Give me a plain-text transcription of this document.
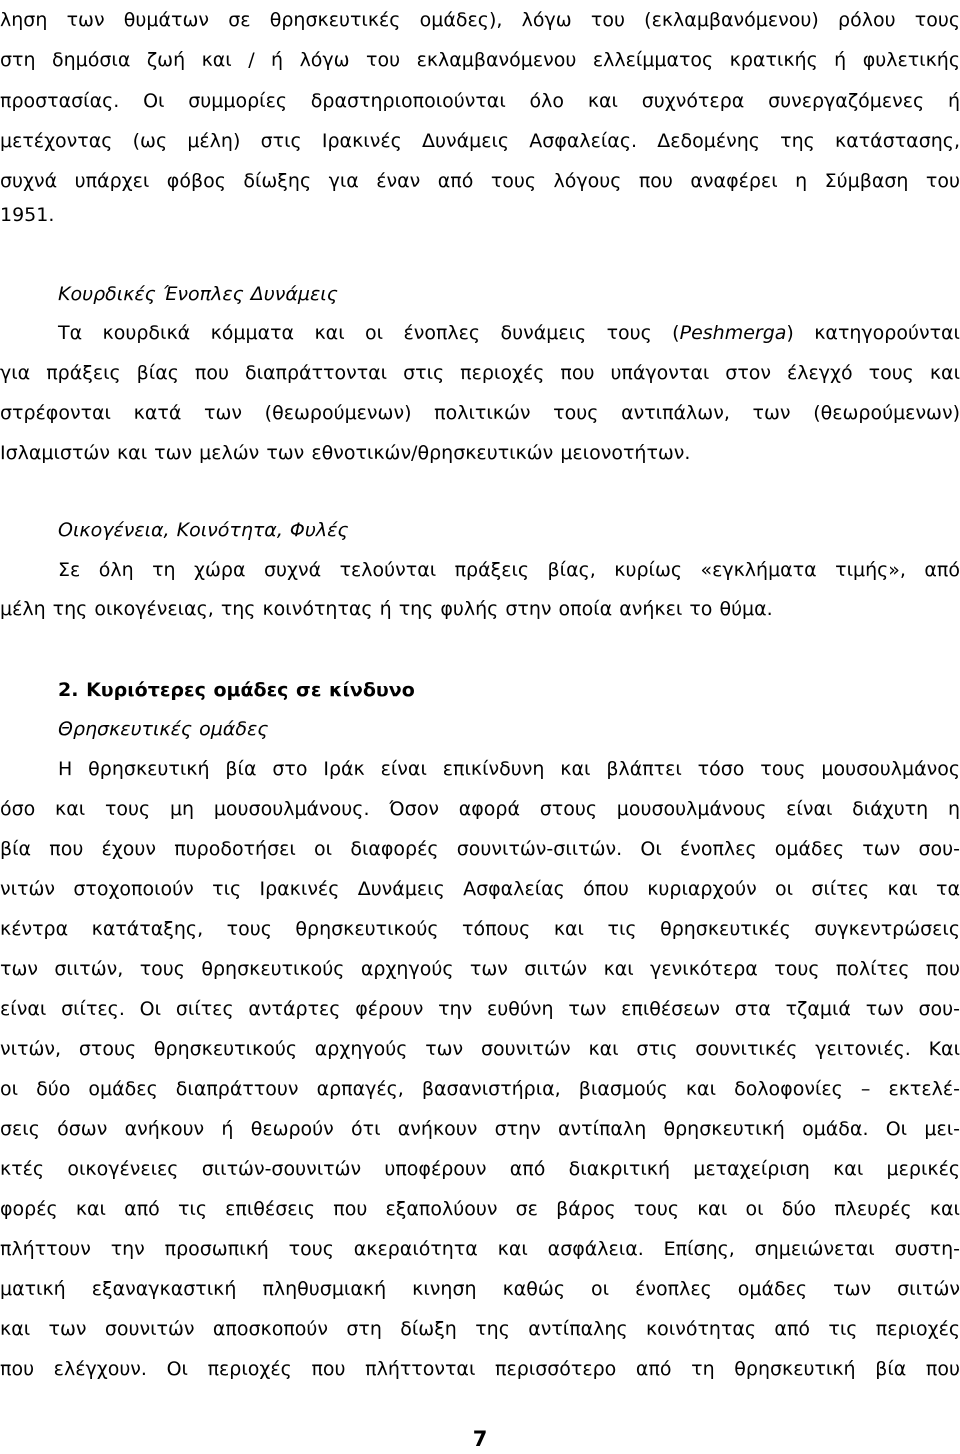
ληση των θυμάτων σε θρησκευτικές ομάδες), λόγω του (εκλαμβανόμενου) ρόλου τους
στη δημόσια ζωή και / ή λόγω του εκλαμβανόμενου ελλείμματος κρατικής ή φυλετικής
προστασίας. Οι συμμορίες δραστηριοποιούνται όλο και συχνότερα συνεργαζόμενες ή
μετέχοντας (ως μέλη) στις Ιρακινές Δυνάμεις Ασφαλείας. Δεδομένης της κατάστασης,
συχνά υπάρχει φόβος δίωξης για έναν από τους λόγους που αναφέρει η Σύμβαση του
1951.
Κουρδικές Ένοπλες Δυνάμεις
Τα κουρδικά κόμματα και οι ένοπλες δυνάμεις τους (Peshmerga) κατηγορούνται
για πράξεις βίας που διαπράττονται στις περιοχές που υπάγονται στον έλεγχό τους και
στρέφονται κατά των (θεωρούμενων) πολιτικών τους αντιπάλων, των (θεωρούμενων)
Ισλαμιστών και των μελών των εθνοτικών/θρησκευτικών μειονοτήτων.
Οικογένεια, Κοινότητα, Φυλές
Σε όλη τη χώρα συχνά τελούνται πράξεις βίας, κυρίως «εγκλήματα τιμής», από
μέλη της οικογένειας, της κοινότητας ή της φυλής στην οποία ανήκει το θύμα.
2. Κυριότερες ομάδες σε κίνδυνο
Θρησκευτικές ομάδες
Η θρησκευτική βία στο Ιράκ είναι επικίνδυνη και βλάπτει τόσο τους μουσουλμάνος
όσο και τους μη μουσουλμάνους. Όσον αφορά στους μουσουλμάνους είναι διάχυτη η
βία που έχουν πυροδοτήσει οι διαφορές σουνιτών-σιιτών. Οι ένοπλες ομάδες των σου-
νιτών στοχοποιούν τις Ιρακινές Δυνάμεις Ασφαλείας όπου κυριαρχούν οι σιίτες και τα
κέντρα κατάταξης, τους θρησκευτικούς τόπους και τις θρησκευτικές συγκεντρώσεις
των σιιτών, τους θρησκευτικούς αρχηγούς των σιιτών και γενικότερα τους πολίτες που
είναι σιίτες. Οι σιίτες αντάρτες φέρουν την ευθύνη των επιθέσεων στα τζαμιά των σου-
νιτών, στους θρησκευτικούς αρχηγούς των σουνιτών και στις σουνιτικές γειτονιές. Και
οι δύο ομάδες διαπράττουν αρπαγές, βασανιστήρια, βιασμούς και δολοφονίες – εκτελέ-
σεις όσων ανήκουν ή θεωρούν ότι ανήκουν στην αντίπαλη θρησκευτική ομάδα. Οι μει-
κτές οικογένειες σιιτών-σουνιτών υποφέρουν από διακριτική μεταχείριση και μερικές
φορές και από τις επιθέσεις που εξαπολύουν σε βάρος τους και οι δύο πλευρές και
πλήττουν την προσωπική τους ακεραιότητα και ασφάλεια. Επίσης, σημειώνεται συστη-
ματική εξαναγκαστική πληθυσμιακή κινηση καθώς οι ένοπλες ομάδες των σιιτών
και των σουνιτών αποσκοπούν στη δίωξη της αντίπαλης κοινότητας από τις περιοχές
που ελέγχουν. Οι περιοχές που πλήττονται περισσότερο από τη θρησκευτική βία που
7
